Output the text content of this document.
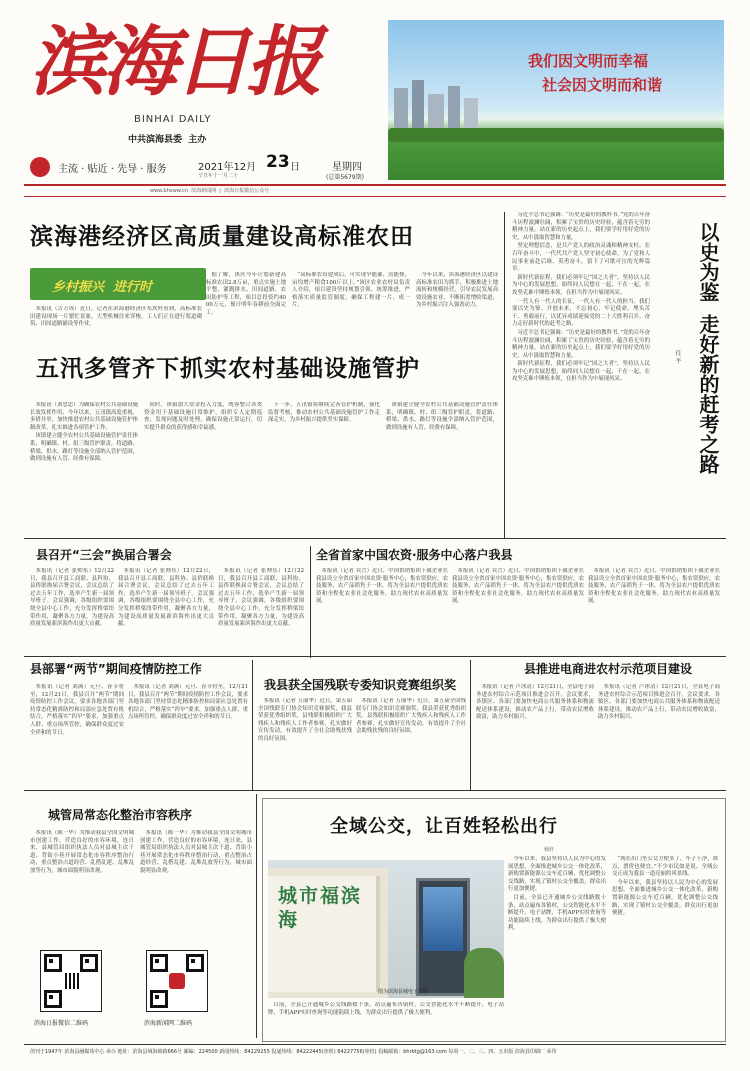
滨海日报
BINHAI DAILY
中共滨海县委  主办
主流 · 贴近 · 先导 · 服务	2021年12月 23 日
辛丑年十一月二十
星期四
(总第5679期)
我们因文明而幸福
社会因文明而和谐
www.bhxww.cn  滨海新闻网  |  滨海日报微信公众号
滨海港经济区高质量建设高标准农田
乡村振兴  进行时

本报讯（吉万成）近日，记者在滨海港经济区东坎村看到，高标准农田建设现场一片繁忙景象，大型机械往来穿梭，工人们正在进行渠道砌筑、田间道路铺设等作业。

据了解，该区今年计划新建高标准农田2.8万亩，重点实施土地平整、灌溉排水、田间道路、农田防护等工程，项目总投资约4000万元，预计明年春耕前全面完工。

“高标准农田建成后，可实现旱能灌、涝能排，亩均增产粮食100斤以上。”该区农业农村局负责人介绍，项目建设坚持规划引领、统筹推进，严格落实质量监管制度，确保工程建一片、成一片。

今年以来，滨海港经济区以建设高标准农田为抓手，积极推进土地流转和规模经营，引导农民发展高效设施农业，不断拓宽增收渠道，为乡村振兴注入强劲动力。

五汛多管齐下抓实农村基础设施管护

本报讯（刘忠忠）为确保农村公共基础设施长效发挥作用，今年以来，五汛镇高度重视，多措并举，加快推进农村公共基础设施管护体制改革，扎实推进各项管护工作。

该镇建立健全农村公共基础设施管护责任体系，明确镇、村、组三级管护职责，将道路、桥梁、供水、路灯等设施全部纳入管护范围，做到设施有人管、经费有保障。

同时，该镇加大资金投入力度，统筹整合各类资金用于基础设施日常维护，组织专人定期巡查，发现问题及时处理，确保设施正常运行，切实提升群众的获得感和幸福感。

下一步，五汛镇将继续完善管护机制，强化监督考核，推动农村公共基础设施管护工作走深走实，为乡村振兴提供坚实保障。

该镇建立健全农村公共基础设施管护责任体系，明确镇、村、组三级管护职责，将道路、桥梁、供水、路灯等设施全部纳入管护范围，做到设施有人管、经费有保障。

习近平总书记强调：“历史是最好的教科书。”党的百年奋斗历程波澜壮阔，积累了宝贵的历史经验，蕴含着无穷的精神力量。站在新的历史起点上，我们要学好用好党的历史，从中汲取智慧和力量。

坚定理想信念，是共产党人的政治灵魂和精神支柱。在百年奋斗中，一代代共产党人坚守初心使命，为了党和人民事业前赴后继、英勇奋斗，留下了可歌可泣的光辉篇章。

新时代新征程，我们必须牢记“国之大者”，坚持以人民为中心的发展思想，始终同人民想在一起、干在一起，在攻坚克难中锤炼本领，在担当作为中展现风采。

一代人有一代人的长征，一代人有一代人的担当。我们要以史为鉴、开创未来，不忘初心、牢记使命，埋头苦干、勇毅前行，以优异成绩迎接党的二十大胜利召开，奋力走好新时代的赶考之路。

习近平总书记强调：“历史是最好的教科书。”党的百年奋斗历程波澜壮阔，积累了宝贵的历史经验，蕴含着无穷的精神力量。站在新的历史起点上，我们要学好用好党的历史，从中汲取智慧和力量。

新时代新征程，我们必须牢记“国之大者”，坚持以人民为中心的发展思想，始终同人民想在一起、干在一起，在攻坚克难中锤炼本领，在担当作为中展现风采。

以史为鉴
任 平 走好新的赶考之路
县召开“三会”换届合署会

本报讯（记者 张帅东）12月22日，我县召开县工商联、县科协、县侨联换届合署会议，会议总结了过去五年工作，选举产生新一届领导班子。会议强调，各级组织要围绕全县中心工作，充分发挥桥梁纽带作用，凝聚各方力量，为建设高质量发展新滨海作出更大贡献。

本报讯（记者 张帅东）12月22日，我县召开县工商联、县科协、县侨联换届合署会议，会议总结了过去五年工作，选举产生新一届领导班子。会议强调，各级组织要围绕全县中心工作，充分发挥桥梁纽带作用，凝聚各方力量，为建设高质量发展新滨海作出更大贡献。

本报讯（记者 张帅东）12月22日，我县召开县工商联、县科协、县侨联换届合署会议，会议总结了过去五年工作，选举产生新一届领导班子。会议强调，各级组织要围绕全县中心工作，充分发挥桥梁纽带作用，凝聚各方力量，为建设高质量发展新滨海作出更大贡献。

全省首家中国农资·服务中心落户我县

本报讯（记者 宾言）近日，中国供销集团下属企业在我县设立全省首家中国农资·服务中心，集农资供应、农技服务、农产品销售于一体，将为全县农户提供优质农资和全程化农业社会化服务，助力现代农业高质量发展。

本报讯（记者 宾言）近日，中国供销集团下属企业在我县设立全省首家中国农资·服务中心，集农资供应、农技服务、农产品销售于一体，将为全县农户提供优质农资和全程化农业社会化服务，助力现代农业高质量发展。

本报讯（记者 宾言）近日，中国供销集团下属企业在我县设立全省首家中国农资·服务中心，集农资供应、农技服务、农产品销售于一体，将为全县农户提供优质农资和全程化农业社会化服务，助力现代农业高质量发展。

县部署“两节”期间疫情防控工作

本报讯（记者 刘满）元旦、春节将至，12月21日，我县召开“两节”期间疫情防控工作会议，要求各地各部门坚持常态化精准防控和局部应急处置有机结合，严格落实“四早”要求，加强重点人群、重点场所管控，确保群众度过安全祥和的节日。

本报讯（记者 刘满）元旦、春节将至，12月21日，我县召开“两节”期间疫情防控工作会议，要求各地各部门坚持常态化精准防控和局部应急处置有机结合，严格落实“四早”要求，加强重点人群、重点场所管控，确保群众度过安全祥和的节日。

我县获全国残联专委知识竞赛组织奖

本报讯（记者 万丽华）近日，第五届全国残联专门协会知识竞赛颁奖，我县荣获优秀组织奖。县残联积极组织广大残疾人和残疾人工作者参赛，扎实做好宣传发动，有效提升了全社会助残扶残的良好氛围。

本报讯（记者 万丽华）近日，第五届全国残联专门协会知识竞赛颁奖，我县荣获优秀组织奖。县残联积极组织广大残疾人和残疾人工作者参赛，扎实做好宣传发动，有效提升了全社会助残扶残的良好氛围。

县推进电商进农村示范项目建设

本报讯（记者 卢冰清）12月21日，全县电子商务进农村综合示范项目推进会召开。会议要求，各镇区、各部门要加快电商公共服务体系和物流配送体系建设，推动农产品上行，带动农民增收致富，助力乡村振兴。

本报讯（记者 卢冰清）12月21日，全县电子商务进农村综合示范项目推进会召开。会议要求，各镇区、各部门要加快电商公共服务体系和物流配送体系建设，推动农产品上行，带动农民增收致富，助力乡村振兴。

城管局常态化整治市容秩序

本报讯（陈一华）为推动我县全国文明城市创建工作，营造良好的市容环境，连日来，县城管局组织执法人员对县城主次干道、背街小巷开展常态化市容秩序整治行动，重点整治占道经营、乱搭乱建、乱堆乱放等行为，城市面貌明显改观。

本报讯（陈一华）为推动我县全国文明城市创建工作，营造良好的市容环境，连日来，县城管局组织执法人员对县城主次干道、背街小巷开展常态化市容秩序整治行动，重点整治占道经营、乱搭乱建、乱堆乱放等行为，城市面貌明显改观。

滨海日报微信二维码	滨海新闻网二维码
全域公交，让百姓轻松出行
杨轩
城市福滨海
图为滨海县城电子站牌

今年以来，我县坚持以人民为中心的发展思想，全面推进城乡公交一体化改革，新购置新能源公交车近百辆，优化调整公交线路，实现了镇村公交全覆盖，群众出行更加便捷。

目前，全县已开通城乡公交线路数十条，站点遍布各镇村，公交智能化水平不断提升，电子站牌、手机APP实时查询等功能陆续上线，为群众出行提供了极大便利。

“现在出门坐公交方便多了，车子干净，准点，票价也便宜。”不少市民如是说。全域公交正成为我县一道亮丽的风景线。

今年以来，我县坚持以人民为中心的发展思想，全面推进城乡公交一体化改革，新购置新能源公交车近百辆，优化调整公交线路，实现了镇村公交全覆盖，群众出行更加便捷。

目前，全县已开通城乡公交线路数十条，站点遍布各镇村，公交智能化水平不断提升，电子站牌、手机APP实时查询等功能陆续上线，为群众出行提供了极大便利。

创刊于1947年 滨海县融媒体中心 承办 地址：滨海县城海锦路666号 邮编：224500 新闻热线：84229255 投递热线：84222445(座机) 84227756(座机) 投稿邮箱：bhrbtg@163.com 每周一、二、三、四、五出版 滨海县印刷厂 承印
